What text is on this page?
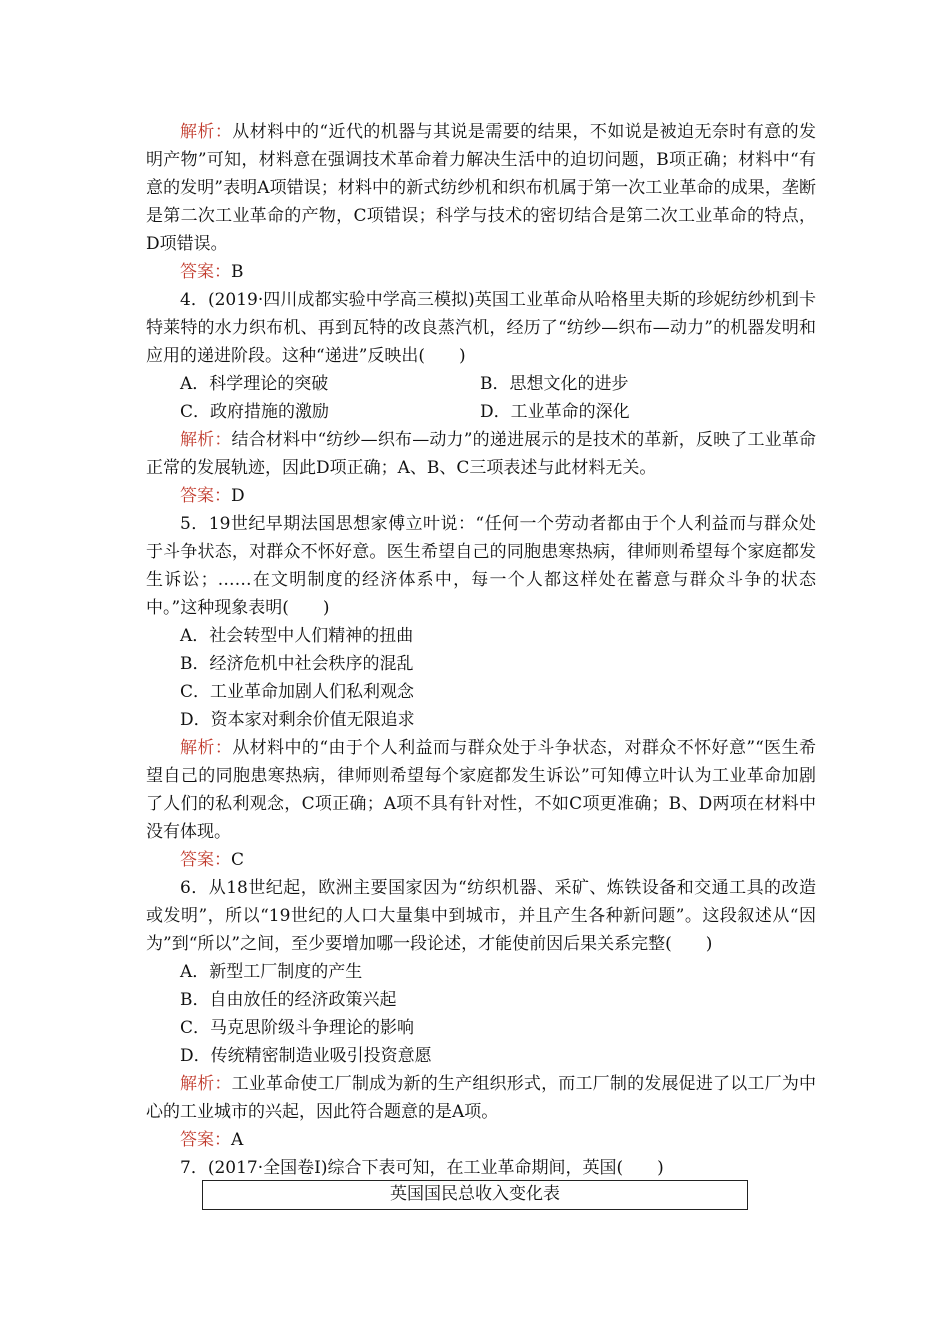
解析：从材料中的“近代的机器与其说是需要的结果，不如说是被迫无奈时有意的发明产物”可知，材料意在强调技术革命着力解决生活中的迫切问题，B项正确；材料中“有意的发明”表明A项错误；材料中的新式纺纱机和织布机属于第一次工业革命的成果，垄断是第二次工业革命的产物，C项错误；科学与技术的密切结合是第二次工业革命的特点，D项错误。

答案：B

4．(2019·四川成都实验中学高三模拟)英国工业革命从哈格里夫斯的珍妮纺纱机到卡特莱特的水力织布机、再到瓦特的改良蒸汽机，经历了“纺纱—织布—动力”的机器发明和应用的递进阶段。这种“递进”反映出(　　)

A．科学理论的突破	B．思想文化的进步
C．政府措施的激励	D．工业革命的深化

解析：结合材料中“纺纱—织布—动力”的递进展示的是技术的革新，反映了工业革命正常的发展轨迹，因此D项正确；A、B、C三项表述与此材料无关。

答案：D

5．19世纪早期法国思想家傅立叶说：“任何一个劳动者都由于个人利益而与群众处于斗争状态，对群众不怀好意。医生希望自己的同胞患寒热病，律师则希望每个家庭都发生诉讼；……在文明制度的经济体系中，每一个人都这样处在蓄意与群众斗争的状态中。”这种现象表明(　　)

A．社会转型中人们精神的扭曲

B．经济危机中社会秩序的混乱

C．工业革命加剧人们私利观念

D．资本家对剩余价值无限追求

解析：从材料中的“由于个人利益而与群众处于斗争状态，对群众不怀好意”“医生希望自己的同胞患寒热病，律师则希望每个家庭都发生诉讼”可知傅立叶认为工业革命加剧了人们的私利观念，C项正确；A项不具有针对性，不如C项更准确；B、D两项在材料中没有体现。

答案：C

6．从18世纪起，欧洲主要国家因为“纺织机器、采矿、炼铁设备和交通工具的改造或发明”，所以“19世纪的人口大量集中到城市，并且产生各种新问题”。这段叙述从“因为”到“所以”之间，至少要增加哪一段论述，才能使前因后果关系完整(　　)

A．新型工厂制度的产生

B．自由放任的经济政策兴起

C．马克思阶级斗争理论的影响

D．传统精密制造业吸引投资意愿

解析：工业革命使工厂制成为新的生产组织形式，而工厂制的发展促进了以工厂为中心的工业城市的兴起，因此符合题意的是A项。

答案：A

7．(2017·全国卷Ⅰ)综合下表可知，在工业革命期间，英国(　　)

英国国民总收入变化表
